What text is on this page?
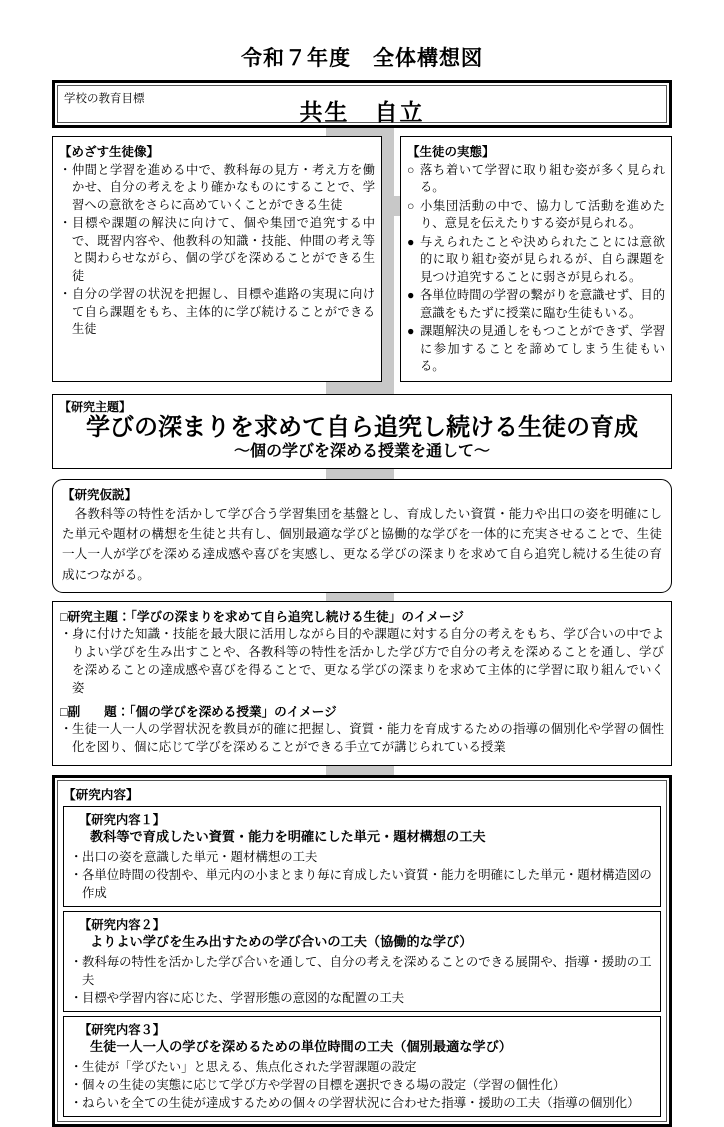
令和７年度　全体構想図
学校の教育目標	共生　自立
【めざす生徒像】
・ 仲間と学習を進める中で、教科毎の見方・考え方を働かせ、自分の考えをより確かなものにすることで、学習への意欲をさらに高めていくことができる生徒
・ 目標や課題の解決に向けて、個や集団で追究する中で、既習内容や、他教科の知識・技能、仲間の考え等と関わらせながら、個の学びを深めることができる生徒
・ 自分の学習の状況を把握し、目標や進路の実現に向けて自ら課題をもち、主体的に学び続けることができる生徒
【生徒の実態】
○ 落ち着いて学習に取り組む姿が多く見られる。
○ 小集団活動の中で、協力して活動を進めたり、意見を伝えたりする姿が見られる。
● 与えられたことや決められたことには意欲的に取り組む姿が見られるが、自ら課題を見つけ追究することに弱さが見られる。
● 各単位時間の学習の繋がりを意識せず、目的意識をもたずに授業に臨む生徒もいる。
● 課題解決の見通しをもつことができず、学習に参加することを諦めてしまう生徒もいる。
【研究主題】
学びの深まりを求めて自ら追究し続ける生徒の育成
～個の学びを深める授業を通して～
【研究仮説】
各教科等の特性を活かして学び合う学習集団を基盤とし、育成したい資質・能力や出口の姿を明確にした単元や題材の構想を生徒と共有し、個別最適な学びと協働的な学びを一体的に充実させることで、生徒一人一人が学びを深める達成感や喜びを実感し、更なる学びの深まりを求めて自ら追究し続ける生徒の育成につながる。
□研究主題：「学びの深まりを求めて自ら追究し続ける生徒」のイメージ
・ 身に付けた知識・技能を最大限に活用しながら目的や課題に対する自分の考えをもち、学び合いの中でよりよい学びを生み出すことや、各教科等の特性を活かした学び方で自分の考えを深めることを通し、学びを深めることの達成感や喜びを得ることで、更なる学びの深まりを求めて主体的に学習に取り組んでいく姿
□副　 題：「個の学びを深める授業」のイメージ
・ 生徒一人一人の学習状況を教員が的確に把握し、資質・能力を育成するための指導の個別化や学習の個性化を図り、個に応じて学びを深めることができる手立てが講じられている授業
【研究内容】
【研究内容１】
教科等で育成したい資質・能力を明確にした単元・題材構想の工夫
・ 出口の姿を意識した単元・題材構想の工夫
・ 各単位時間の役割や、単元内の小まとまり毎に育成したい資質・能力を明確にした単元・題材構造図の作成
【研究内容２】
よりよい学びを生み出すための学び合いの工夫（協働的な学び）
・ 教科毎の特性を活かした学び合いを通して、自分の考えを深めることのできる展開や、指導・援助の工夫
・ 目標や学習内容に応じた、学習形態の意図的な配置の工夫
【研究内容３】
生徒一人一人の学びを深めるための単位時間の工夫（個別最適な学び）
・ 生徒が「学びたい」と思える、焦点化された学習課題の設定
・ 個々の生徒の実態に応じて学び方や学習の目標を選択できる場の設定（学習の個性化）
・ ねらいを全ての生徒が達成するための個々の学習状況に合わせた指導・援助の工夫（指導の個別化）
